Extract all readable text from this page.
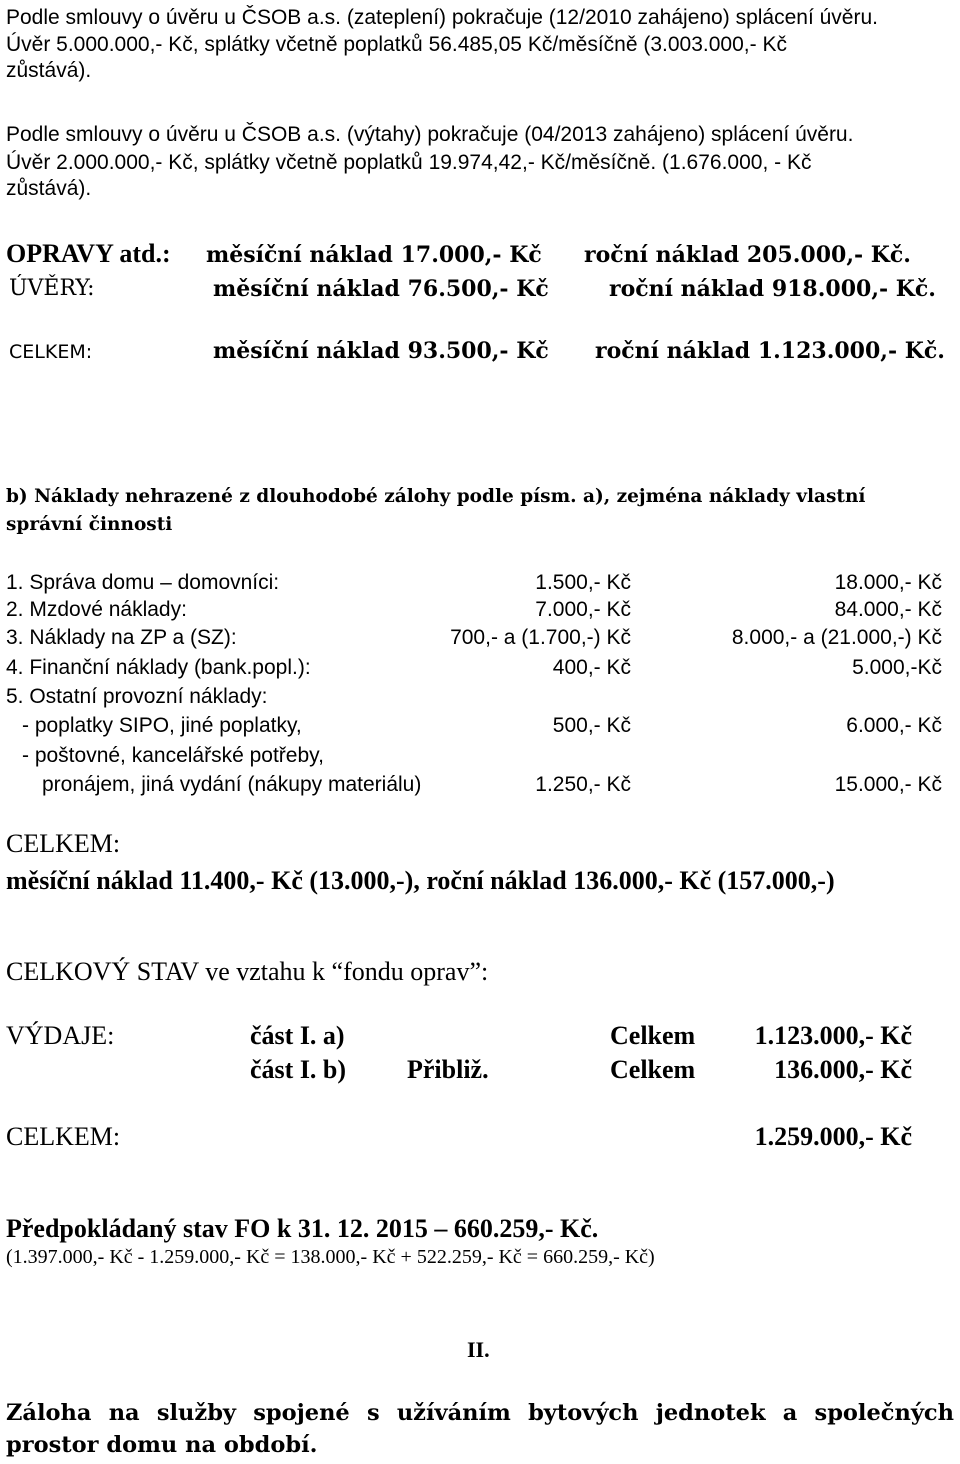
Podle smlouvy o úvěru u ČSOB a.s. (zateplení) pokračuje (12/2010 zahájeno) splácení úvěru.
Úvěr 5.000.000,- Kč, splátky včetně poplatků 56.485,05 Kč/měsíčně (3.003.000,- Kč
zůstává).
Podle smlouvy o úvěru u ČSOB a.s. (výtahy) pokračuje (04/2013 zahájeno) splácení úvěru.
Úvěr 2.000.000,- Kč, splátky včetně poplatků 19.974,42,- Kč/měsíčně. (1.676.000, - Kč
zůstává).
OPRAVY atd.: měsíční náklad 17.000,- Kč roční náklad 205.000,- Kč.
ÚVĚRY:	měsíční náklad 76.500,- Kč	roční náklad 918.000,- Kč.
CELKEM:	měsíční náklad 93.500,- Kč roční náklad 1.123.000,- Kč.
b) Náklady nehrazené z dlouhodobé zálohy podle písm. a), zejména náklady vlastní
správní činnosti
1. Správa domu – domovníci:	1.500,- Kč	18.000,- Kč
2. Mzdové náklady:	7.000,- Kč	84.000,- Kč
3. Náklady na ZP a (SZ):	700,- a (1.700,-) Kč	8.000,- a (21.000,-) Kč
4. Finanční náklady (bank.popl.):	400,- Kč	5.000,-Kč
5. Ostatní provozní náklady:
- poplatky SIPO, jiné poplatky,	500,- Kč	6.000,- Kč
- poštovné, kancelářské potřeby,
pronájem, jiná vydání (nákupy materiálu)	1.250,- Kč	15.000,- Kč
CELKEM:
měsíční náklad 11.400,- Kč (13.000,-), roční náklad 136.000,- Kč (157.000,-)
CELKOVÝ STAV ve vztahu k “fondu oprav”:
VÝDAJE:	část I. a)	Celkem 1.123.000,- Kč
část I. b) Přibliž.	Celkem	136.000,- Kč
CELKEM:	1.259.000,- Kč
Předpokládaný stav FO k 31. 12. 2015 – 660.259,- Kč.
(1.397.000,- Kč - 1.259.000,- Kč = 138.000,- Kč + 522.259,- Kč = 660.259,- Kč)
II.
Záloha na služby spojené s užíváním bytových jednotek a společných
prostor domu na období.
